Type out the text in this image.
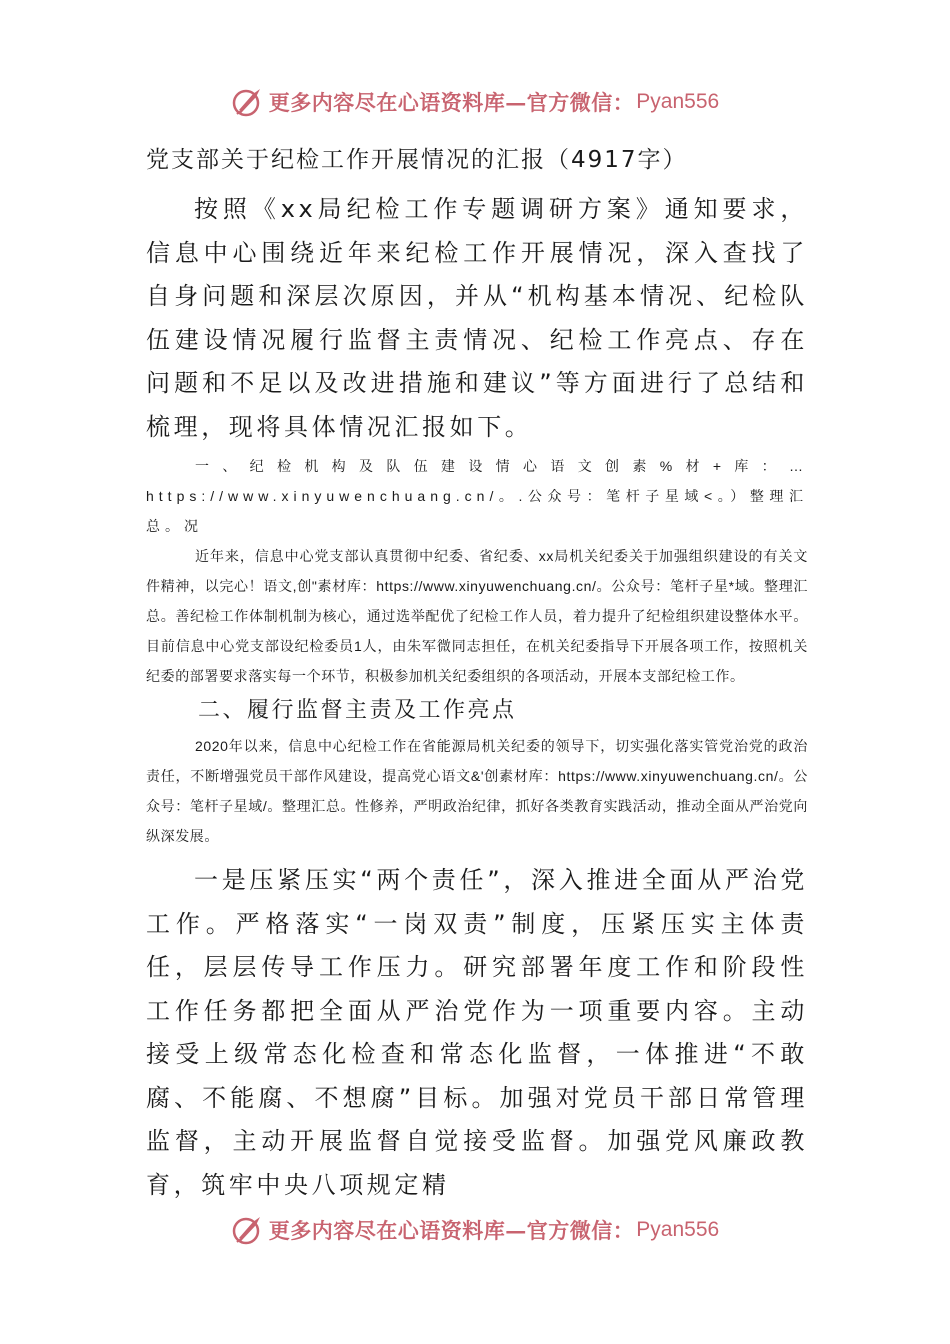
更多内容尽在心语资料库—官方微信： Pyan556

党支部关于纪检工作开展情况的汇报（4917字）

按照《xx局纪检工作专题调研方案》通知要求，信息中心围绕近年来纪检工作开展情况，深入查找了自身问题和深层次原因，并从“机构基本情况、纪检队伍建设情况履行监督主责情况、纪检工作亮点、存在问题和不足以及改进措施和建议”等方面进行了总结和梳理，现将具体情况汇报如下。

一、纪检机构及队伍建设情心语文创素%材+库：…https://www.xinyuwenchuang.cn/。.公众号：笔杆子星域<。）整理汇总。况

近年来，信息中心党支部认真贯彻中纪委、省纪委、xx局机关纪委关于加强组织建设的有关文件精神，以完心！语文,创"素材库：https://www.xinyuwenchuang.cn/。公众号：笔杆子星*域。整理汇总。善纪检工作体制机制为核心，通过选举配优了纪检工作人员，着力提升了纪检组织建设整体水平。目前信息中心党支部设纪检委员1人，由朱军微同志担任，在机关纪委指导下开展各项工作，按照机关纪委的部署要求落实每一个环节，积极参加机关纪委组织的各项活动，开展本支部纪检工作。

二、履行监督主责及工作亮点

2020年以来，信息中心纪检工作在省能源局机关纪委的领导下，切实强化落实管党治党的政治责任，不断增强党员干部作风建设，提高党心语文&'创素材库：https://www.xinyuwenchuang.cn/。公众号：笔杆子星域/。整理汇总。性修养，严明政治纪律，抓好各类教育实践活动，推动全面从严治党向纵深发展。

一是压紧压实“两个责任”，深入推进全面从严治党工作。严格落实“一岗双责”制度，压紧压实主体责任，层层传导工作压力。研究部署年度工作和阶段性工作任务都把全面从严治党作为一项重要内容。主动接受上级常态化检查和常态化监督，一体推进“不敢腐、不能腐、不想腐”目标。加强对党员干部日常管理监督，主动开展监督自觉接受监督。加强党风廉政教育，筑牢中央八项规定精

更多内容尽在心语资料库—官方微信： Pyan556
